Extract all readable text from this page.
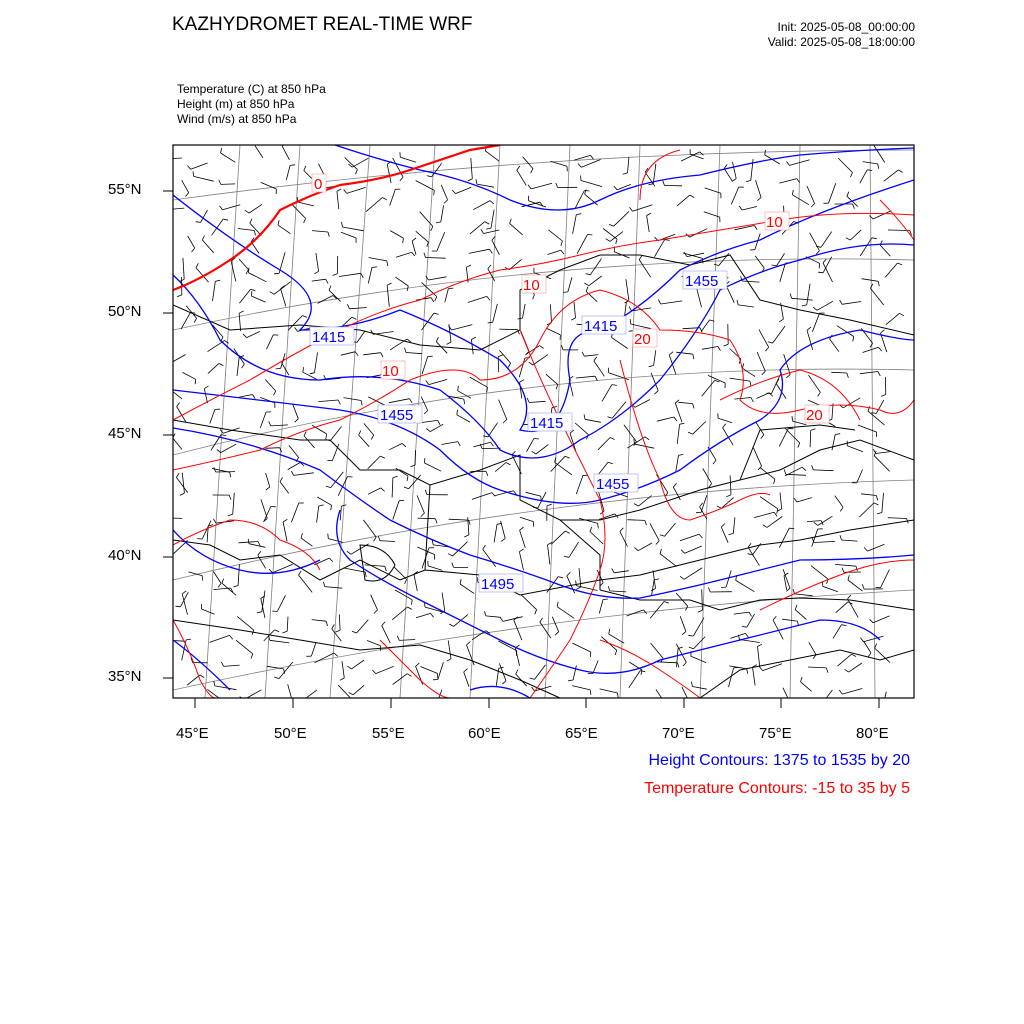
KAZHYDROMET REAL-TIME WRF	Init: 2025-05-08_00:00:00
Valid: 2025-05-08_18:00:00
Temperature (C) at 850 hPa
Height (m) at 850 hPa
Wind (m/s) at 850 hPa
1415
1455	1415
1415
1455
1455
1495
0
10
10
20
10
20
55°N
50°N
45°N
40°N
35°N
45°E	50°E	55°E	60°E	65°E	70°E	75°E	80°E
Height Contours: 1375 to 1535 by 20
Temperature Contours: -15 to 35 by 5
